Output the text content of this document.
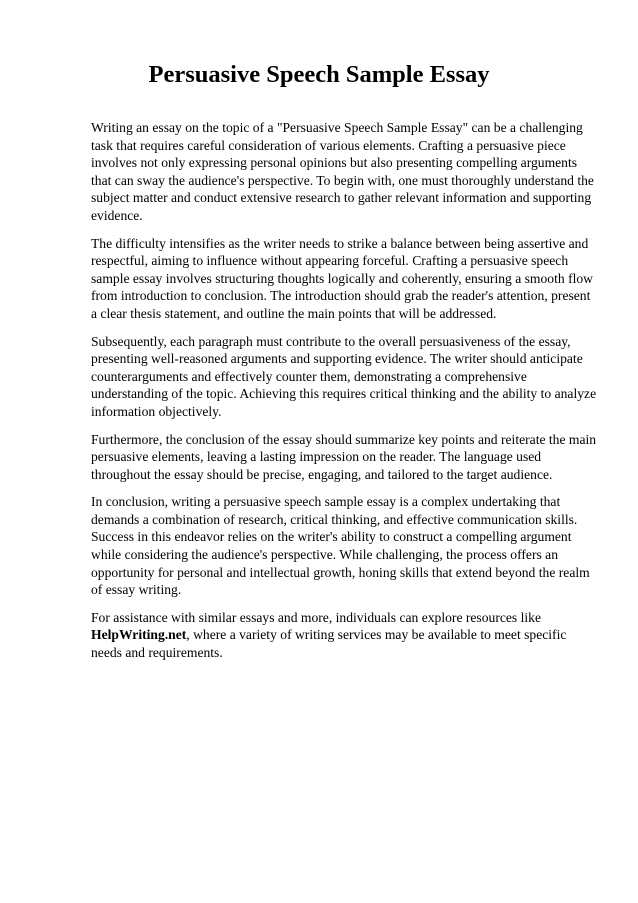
Persuasive Speech Sample Essay

Writing an essay on the topic of a "Persuasive Speech Sample Essay" can be a challenging task that requires careful consideration of various elements. Crafting a persuasive piece involves not only expressing personal opinions but also presenting compelling arguments that can sway the audience's perspective. To begin with, one must thoroughly understand the subject matter and conduct extensive research to gather relevant information and supporting evidence.

The difficulty intensifies as the writer needs to strike a balance between being assertive and respectful, aiming to influence without appearing forceful. Crafting a persuasive speech sample essay involves structuring thoughts logically and coherently, ensuring a smooth flow from introduction to conclusion. The introduction should grab the reader's attention, present a clear thesis statement, and outline the main points that will be addressed.

Subsequently, each paragraph must contribute to the overall persuasiveness of the essay, presenting well-reasoned arguments and supporting evidence. The writer should anticipate counterarguments and effectively counter them, demonstrating a comprehensive understanding of the topic. Achieving this requires critical thinking and the ability to analyze information objectively.

Furthermore, the conclusion of the essay should summarize key points and reiterate the main persuasive elements, leaving a lasting impression on the reader. The language used throughout the essay should be precise, engaging, and tailored to the target audience.

In conclusion, writing a persuasive speech sample essay is a complex undertaking that demands a combination of research, critical thinking, and effective communication skills. Success in this endeavor relies on the writer's ability to construct a compelling argument while considering the audience's perspective. While challenging, the process offers an opportunity for personal and intellectual growth, honing skills that extend beyond the realm of essay writing.

For assistance with similar essays and more, individuals can explore resources like HelpWriting.net, where a variety of writing services may be available to meet specific needs and requirements.
